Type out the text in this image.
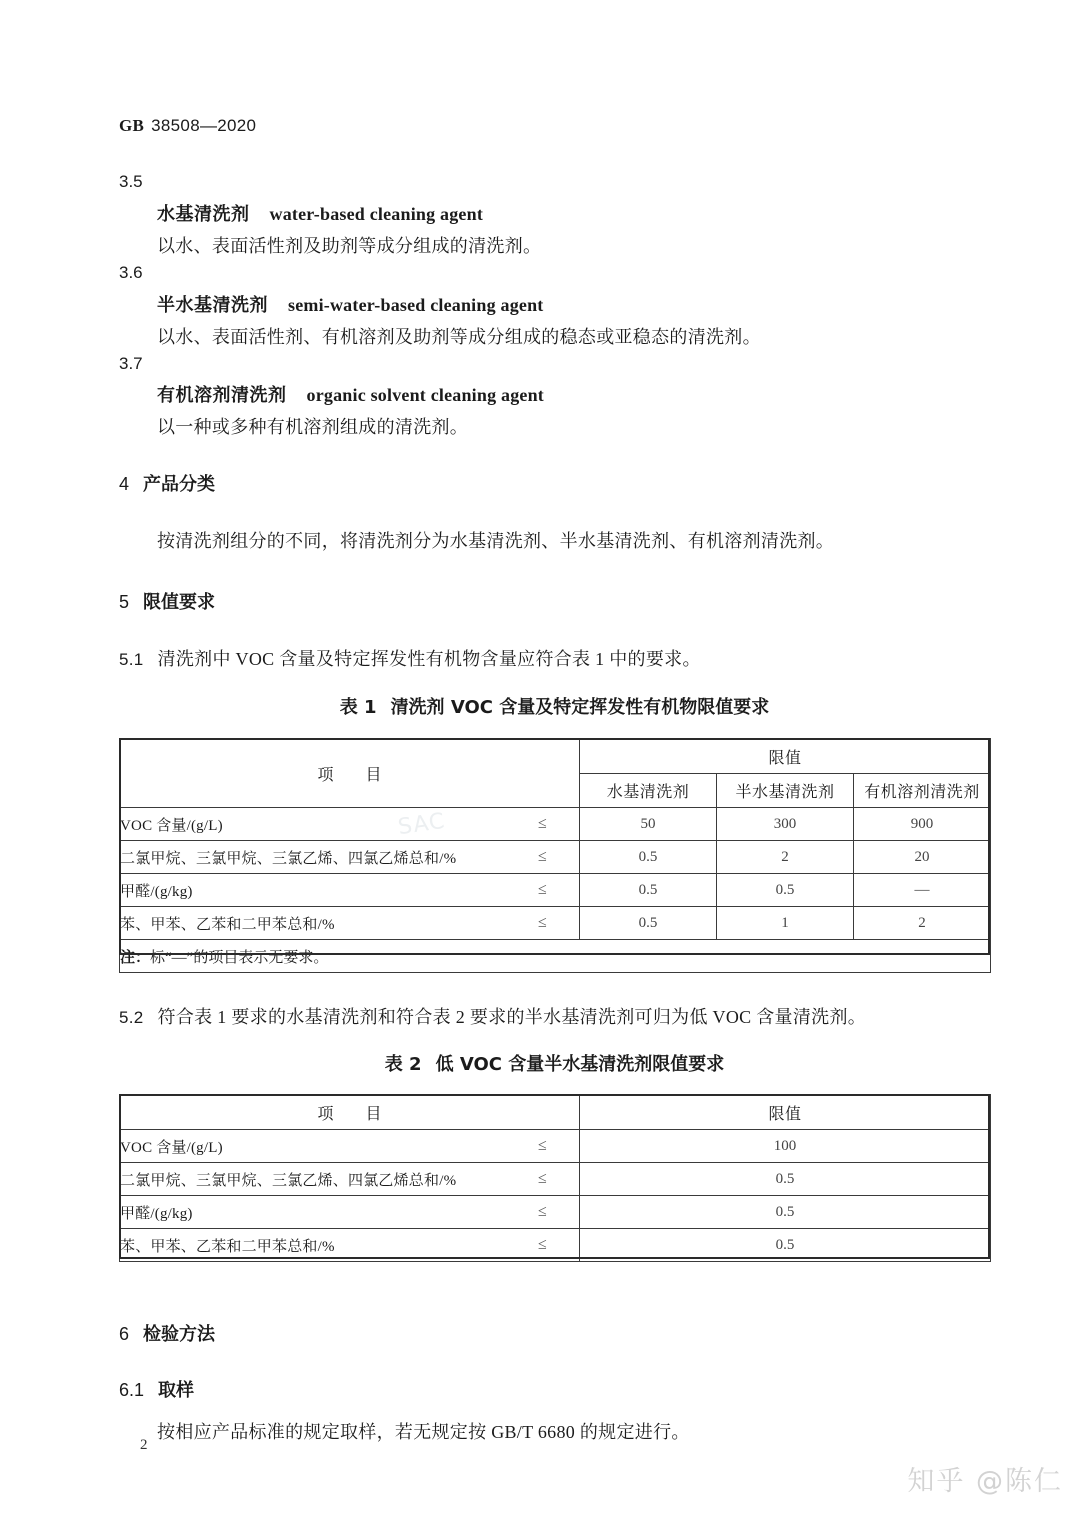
GB 38508—2020
3.5
水基清洗剂 water-based cleaning agent
以水、表面活性剂及助剂等成分组成的清洗剂。
3.6
半水基清洗剂 semi-water-based cleaning agent
以水、表面活性剂、有机溶剂及助剂等成分组成的稳态或亚稳态的清洗剂。
3.7
有机溶剂清洗剂 organic solvent cleaning agent
以一种或多种有机溶剂组成的清洗剂。
4 产品分类
按清洗剂组分的不同，将清洗剂分为水基清洗剂、半水基清洗剂、有机溶剂清洗剂。
5 限值要求
5.1 清洗剂中 VOC 含量及特定挥发性有机物含量应符合表 1 中的要求。
表 1 清洗剂 VOC 含量及特定挥发性有机物限值要求
项　　目	限值		
	水基清洗剂	半水基清洗剂	有机溶剂清洗剂
VOC 含量/(g/L) ≤	50	300	900
二氯甲烷、三氯甲烷、三氯乙烯、四氯乙烯总和/% ≤	0.5	2	20
甲醛/(g/kg) ≤	0.5	0.5	—
苯、甲苯、乙苯和二甲苯总和/% ≤	0.5	1	2
注：标“—”的项目表示无要求。			
5.2 符合表 1 要求的水基清洗剂和符合表 2 要求的半水基清洗剂可归为低 VOC 含量清洗剂。
表 2 低 VOC 含量半水基清洗剂限值要求
项　　目	限值
VOC 含量/(g/L) ≤	100
二氯甲烷、三氯甲烷、三氯乙烯、四氯乙烯总和/% ≤	0.5
甲醛/(g/kg) ≤	0.5
苯、甲苯、乙苯和二甲苯总和/% ≤	0.5
6 检验方法
6.1 取样
按相应产品标准的规定取样，若无规定按 GB/T 6680 的规定进行。
2
SAC
知乎 @陈仁
